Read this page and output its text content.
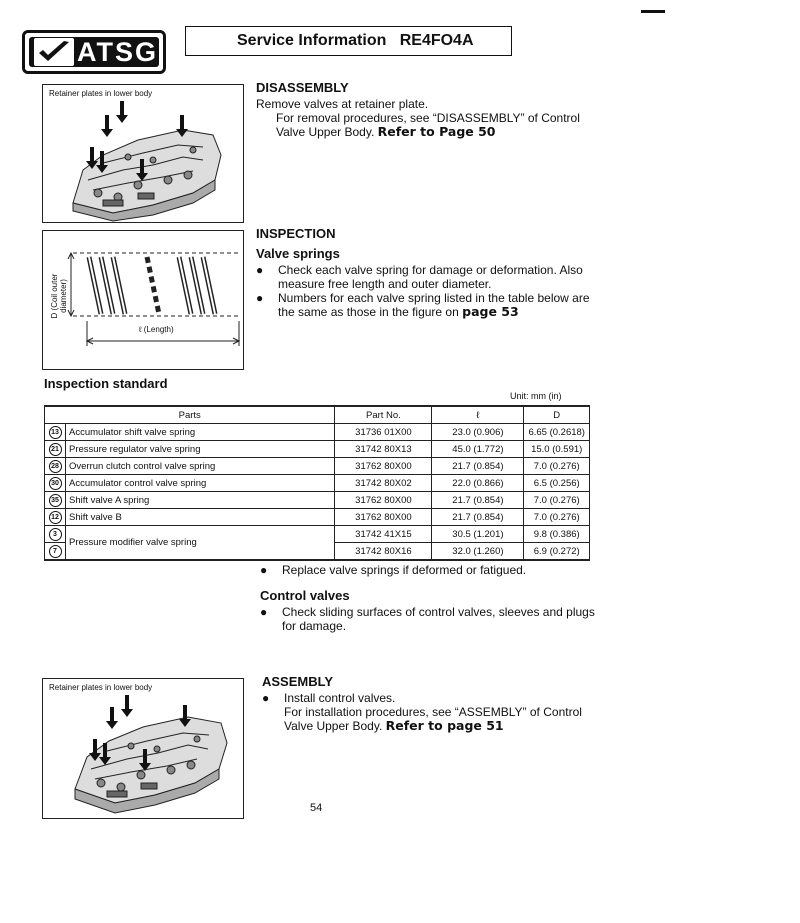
ATSG	Service Information   RE4FO4A
Retainer plates in lower body
D (Coil outer diameter)
ℓ (Length)
DISASSEMBLY
Remove valves at retainer plate.
For removal procedures, see “DISASSEMBLY” of Control
Valve Upper Body. Refer to Page 50
INSPECTION
Valve springs
● Check each valve spring for damage or deformation. Also
measure free length and outer diameter.
● Numbers for each valve spring listed in the table below are
the same as those in the figure on page 53
Inspection standard
Unit: mm (in)
Parts		Part No.	ℓ	D
13	Accumulator shift valve spring	31736 01X00	23.0 (0.906)	6.65 (0.2618)
21	Pressure regulator valve spring	31742 80X13	45.0 (1.772)	15.0 (0.591)
28	Overrun clutch control valve spring	31762 80X00	21.7 (0.854)	7.0 (0.276)
30	Accumulator control valve spring	31742 80X02	22.0 (0.866)	6.5 (0.256)
35	Shift valve A spring	31762 80X00	21.7 (0.854)	7.0 (0.276)
12	Shift valve B	31762 80X00	21.7 (0.854)	7.0 (0.276)
3	Pressure modifier valve spring	31742 41X15	30.5 (1.201)	9.8 (0.386)
7		31742 80X16	32.0 (1.260)	6.9 (0.272)
● Replace valve springs if deformed or fatigued.
Control valves
● Check sliding surfaces of control valves, sleeves and plugs
for damage.
Retainer plates in lower body	ASSEMBLY
● Install control valves.
For installation procedures, see “ASSEMBLY” of Control
Valve Upper Body. Refer to page 51
54
